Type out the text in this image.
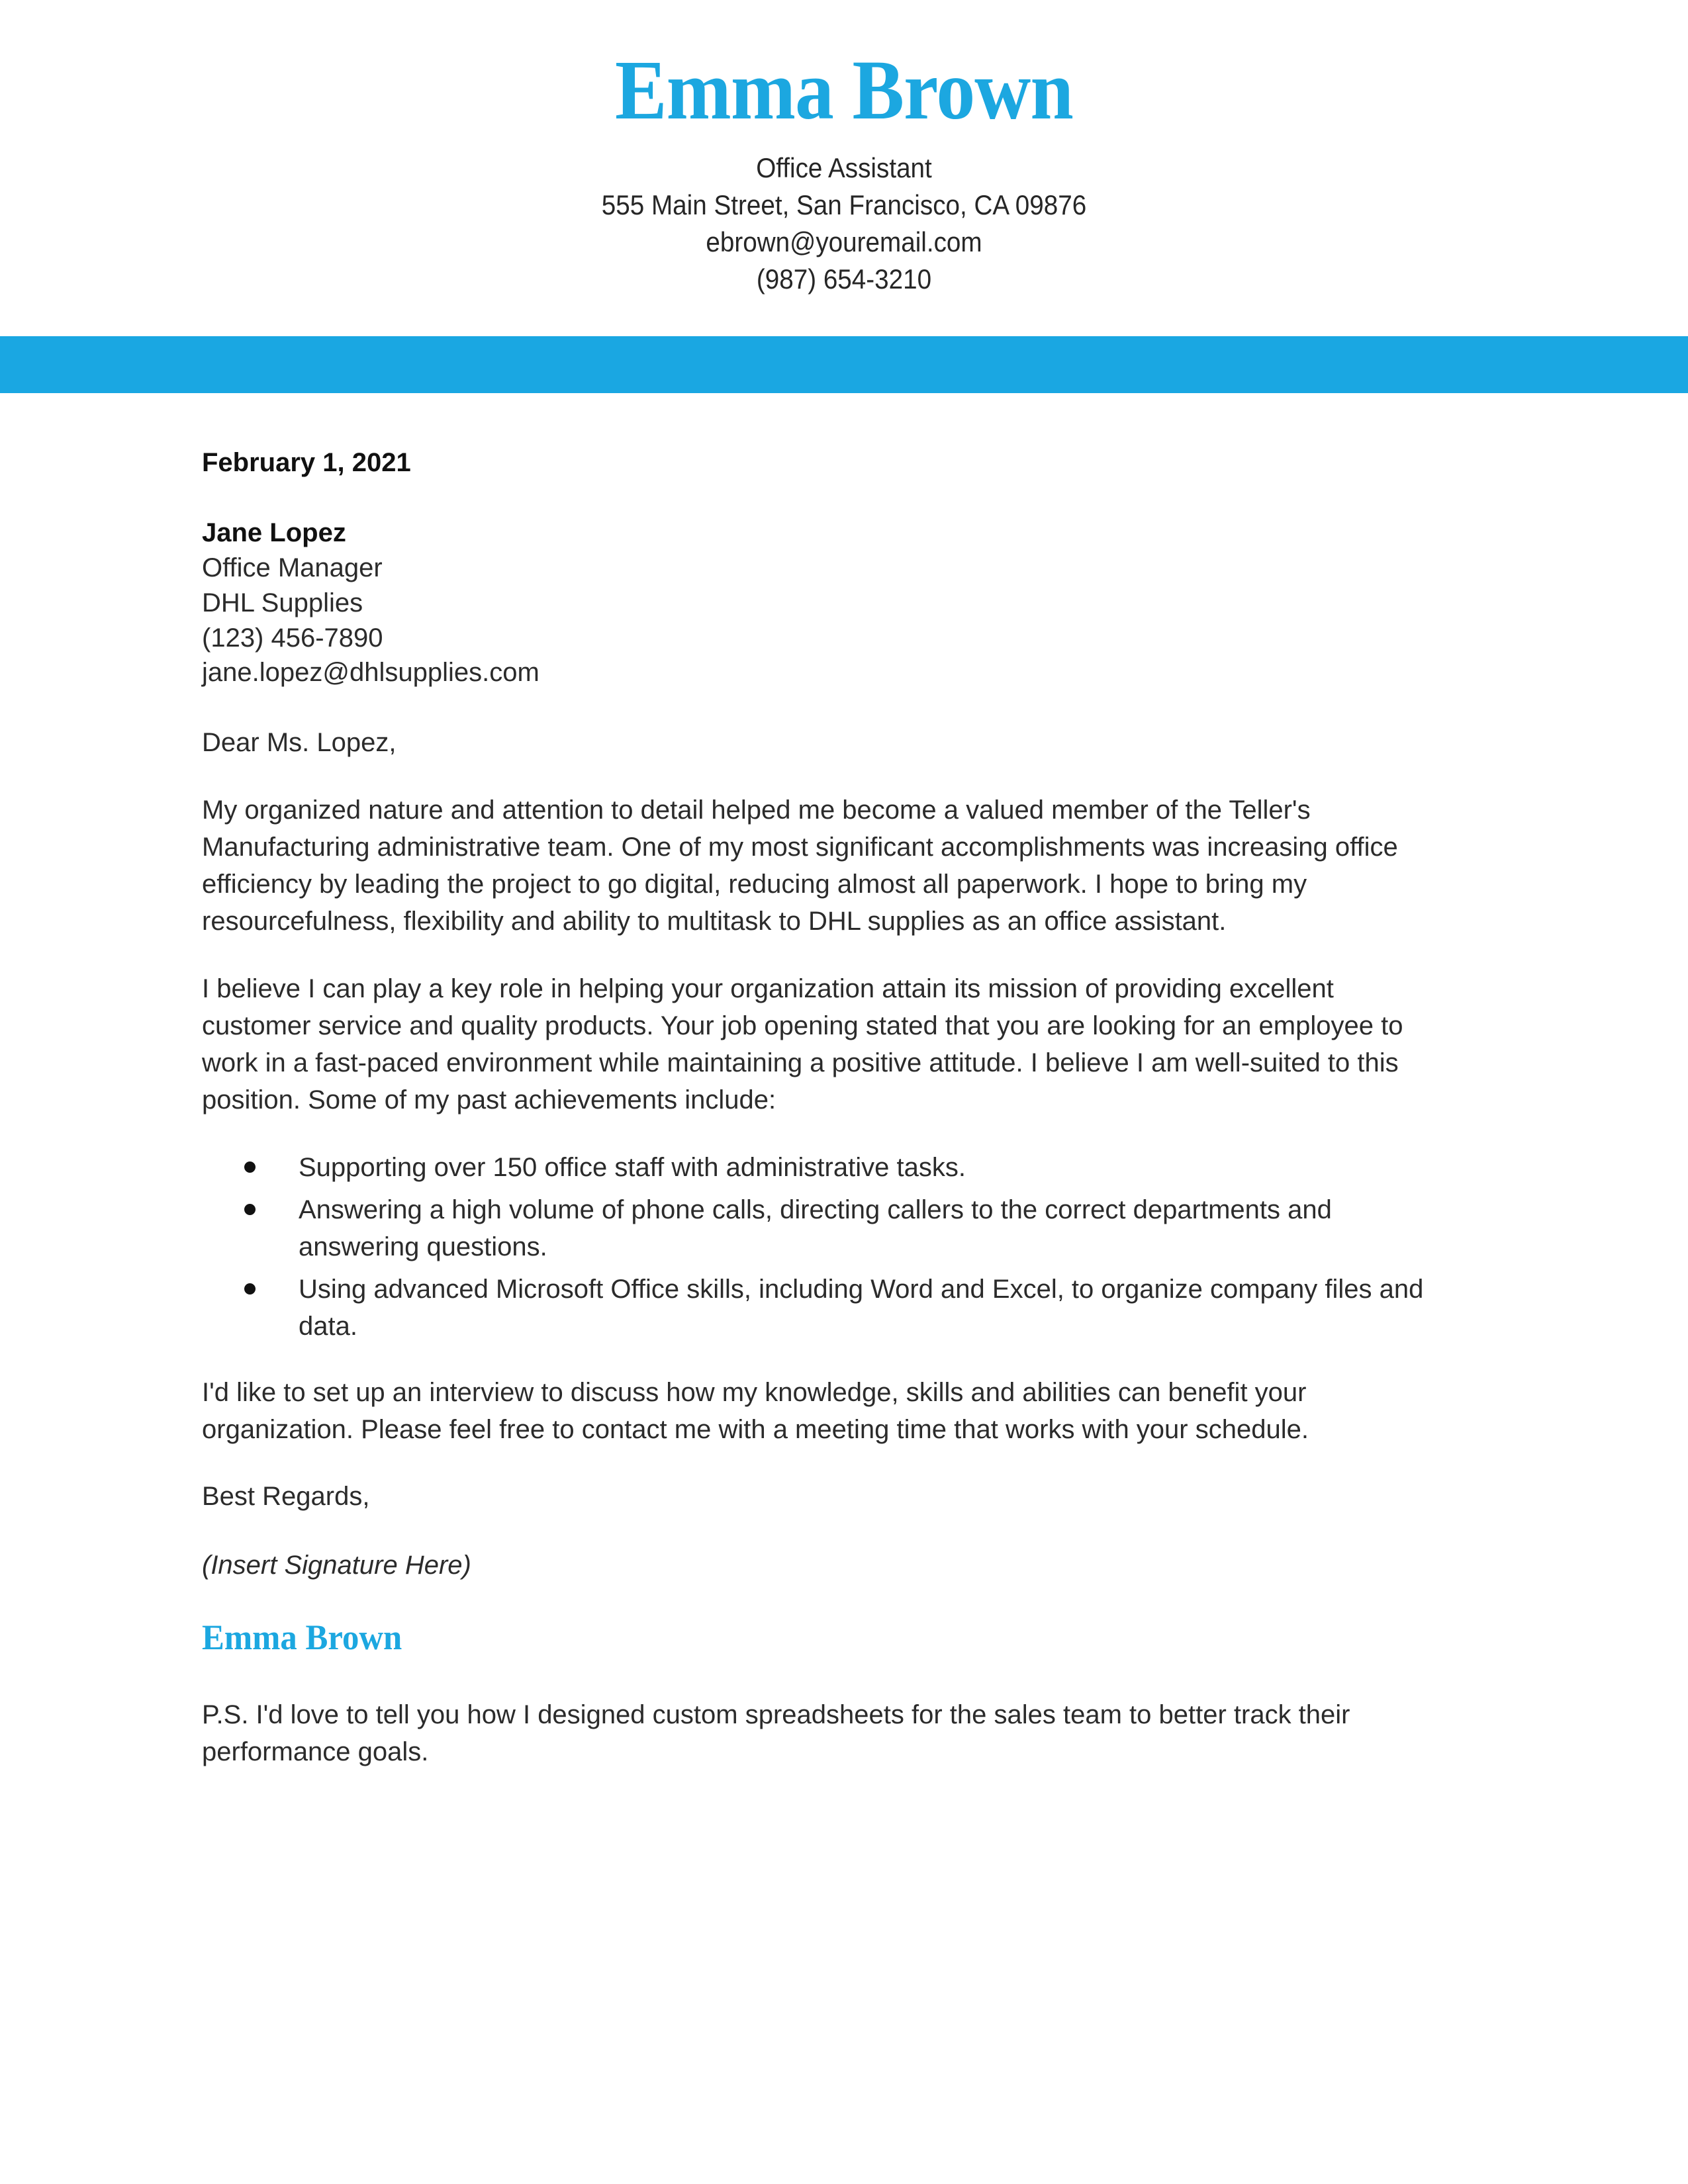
Emma Brown
Office Assistant
555 Main Street, San Francisco, CA 09876
ebrown@youremail.com
(987) 654-3210

February 1, 2021

Jane Lopez
Office Manager
DHL Supplies
(123) 456-7890
jane.lopez@dhlsupplies.com

Dear Ms. Lopez,

My organized nature and attention to detail helped me become a valued member of the Teller's Manufacturing administrative team. One of my most significant accomplishments was increasing office efficiency by leading the project to go digital, reducing almost all paperwork. I hope to bring my resourcefulness, flexibility and ability to multitask to DHL supplies as an office assistant.

I believe I can play a key role in helping your organization attain its mission of providing excellent customer service and quality products. Your job opening stated that you are looking for an employee to work in a fast-paced environment while maintaining a positive attitude. I believe I am well-suited to this position. Some of my past achievements include:

Supporting over 150 office staff with administrative tasks.
Answering a high volume of phone calls, directing callers to the correct departments and answering questions.
Using advanced Microsoft Office skills, including Word and Excel, to organize company files and data.

I'd like to set up an interview to discuss how my knowledge, skills and abilities can benefit your organization. Please feel free to contact me with a meeting time that works with your schedule.

Best Regards,

(Insert Signature Here)

Emma Brown

P.S. I'd love to tell you how I designed custom spreadsheets for the sales team to better track their performance goals.
